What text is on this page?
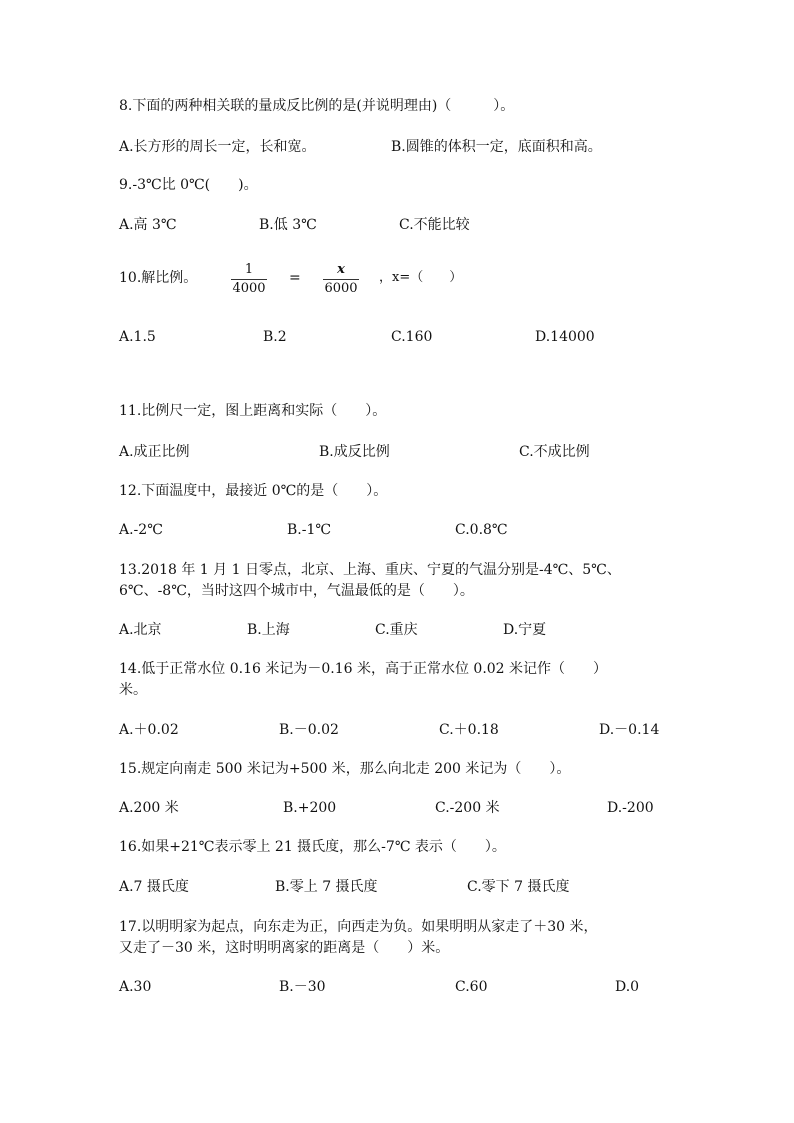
8.下面的两种相关联的量成反比例的是(并说明理由)（　　　）。
A.长方形的周长一定，长和宽。	B.圆锥的体积一定，底面积和高。
9.-3℃比 0℃(　　)。
A.高 3℃	B.低 3℃	C.不能比较
10.解比例。
1
4000
=
x
6000
，x=（　　）
A.1.5	B.2	C.160	D.14000
11.比例尺一定，图上距离和实际（　　）。
A.成正比例	B.成反比例	C.不成比例
12.下面温度中，最接近 0℃的是（　　）。
A.-2℃	B.-1℃	C.0.8℃
13.2018 年 1 月 1 日零点，北京、上海、重庆、宁夏的气温分别是-4℃、5℃、
6℃、-8℃，当时这四个城市中，气温最低的是（　　）。
A.北京	B.上海	C.重庆	D.宁夏
14.低于正常水位 0.16 米记为－0.16 米，高于正常水位 0.02 米记作（　　）
米。
A.＋0.02	B.－0.02	C.＋0.18	D.－0.14
15.规定向南走 500 米记为+500 米，那么向北走 200 米记为（　　）。
A.200 米	B.+200	C.-200 米	D.-200
16.如果+21℃表示零上 21 摄氏度，那么-7℃ 表示（　　）。
A.7 摄氏度	B.零上 7 摄氏度	C.零下 7 摄氏度
17.以明明家为起点，向东走为正，向西走为负。如果明明从家走了＋30 米，
又走了－30 米，这时明明离家的距离是（　　）米。
A.30	B.－30	C.60	D.0
